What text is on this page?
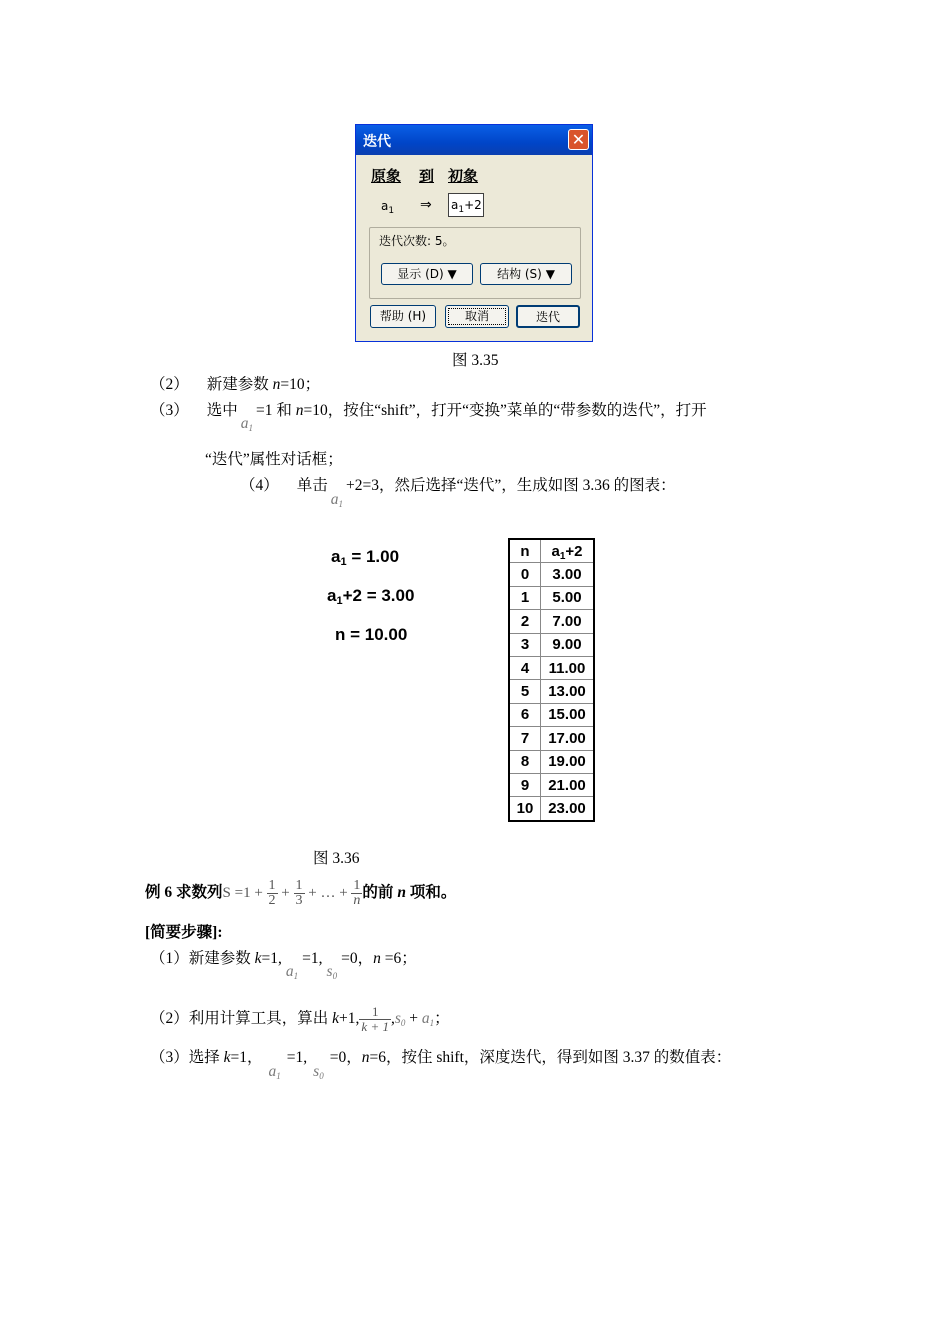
迭代	✕
原象 到 初象
$a_1$ ⇒ $a_1+2$
迭代次数: 5。
显示 (D) ▼	结构 (S) ▼
帮助 (H)	取消	迭代
图 3.35
（2） 新建参数 n=10；
（3） 选中a1=1 和 n=10，按住“shift”，打开“变换”菜单的“带参数的迭代”，打开
“迭代”属性对话框；
（4） 单击a1+2=3，然后选择“迭代”，生成如图 3.36 的图表：
a1 = 1.00
a1+2 = 3.00
n = 10.00
n	$a_1+2$
0	3.00
1	5.00
2	7.00
3	9.00
4	11.00
5	13.00
6	15.00
7	17.00
8	19.00
9	21.00
10	23.00
图 3.36
例 6 求数列$S =1 + \frac{1}{2} + \frac{1}{3}$ + … + $\frac{1}{n}$ 的前 n 项和。
[简要步骤]:
（1）新建参数 k=1,a1=1,s0=0，n =6；
（2）利用计算工具，算出 k+1, $\frac{1}{k + 1} ,s0 + a1$；
（3）选择 k=1，a1=1,s0=0，n=6，按住 shift，深度迭代，得到如图 3.37 的数值表：
